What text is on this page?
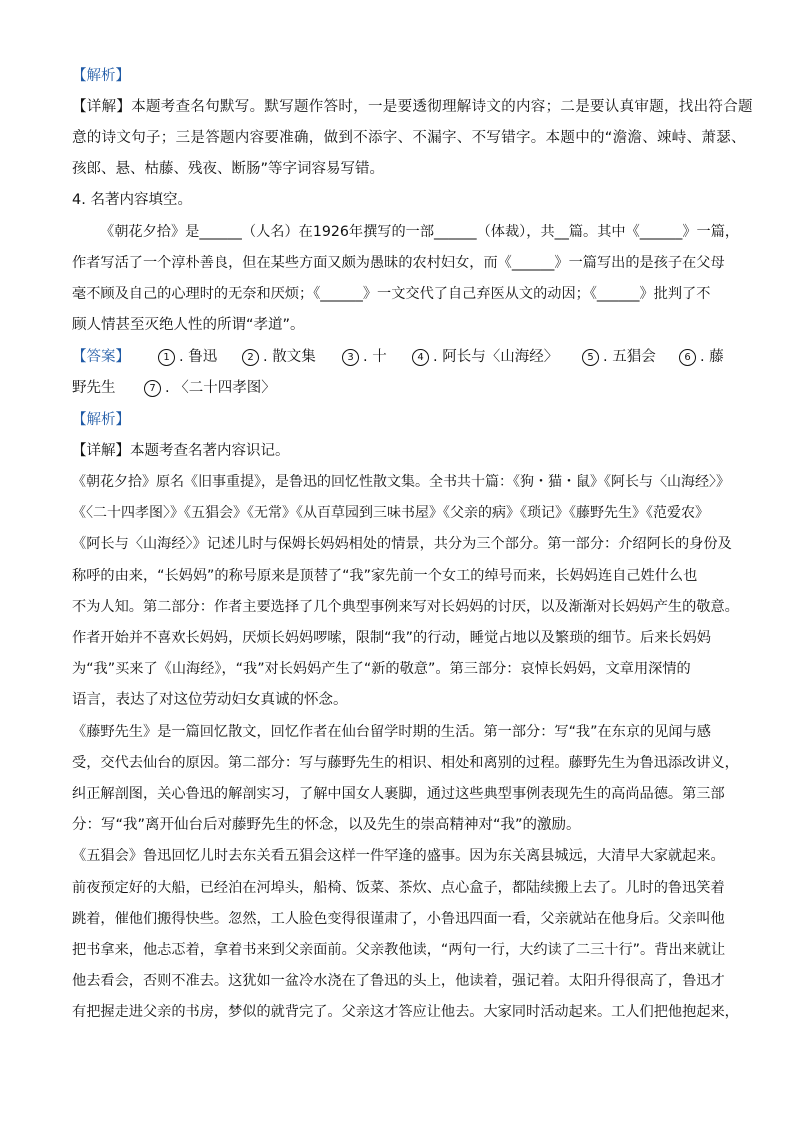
【解析】
【详解】本题考查名句默写。默写题作答时，一是要透彻理解诗文的内容；二是要认真审题，找出符合题
意的诗文句子；三是答题内容要准确，做到不添字、不漏字、不写错字。本题中的“澹澹、竦峙、萧瑟、
孩郎、悬、枯藤、残夜、断肠”等字词容易写错。
4. 名著内容填空。
《朝花夕拾》是______（人名）在1926年撰写的一部______（体裁），共__篇。其中《______》一篇，
作者写活了一个淳朴善良，但在某些方面又颇为愚昧的农村妇女，而《______》一篇写出的是孩子在父母
毫不顾及自己的心理时的无奈和厌烦；《______》一文交代了自己弃医从文的动因；《______》批判了不
顾人情甚至灭绝人性的所谓“孝道”。
【答案】	1 . 鲁迅	2 . 散文集	3 . 十	4 . 阿长与〈山海经〉	5 . 五猖会	6 . 藤
野先生	7 . 〈二十四孝图〉
【解析】
【详解】本题考查名著内容识记。
《朝花夕拾》原名《旧事重提》，是鲁迅的回忆性散文集。全书共十篇：《狗・猫・鼠》《阿长与〈山海经〉》
《〈二十四孝图〉》《五猖会》《无常》《从百草园到三味书屋》《父亲的病》《琐记》《藤野先生》《范爱农》
《阿长与〈山海经〉》记述儿时与保姆长妈妈相处的情景，共分为三个部分。第一部分：介绍阿长的身份及
称呼的由来，“长妈妈”的称号原来是顶替了“我”家先前一个女工的绰号而来，长妈妈连自己姓什么也
不为人知。第二部分：作者主要选择了几个典型事例来写对长妈妈的讨厌，以及渐渐对长妈妈产生的敬意。
作者开始并不喜欢长妈妈，厌烦长妈妈啰嗦，限制“我”的行动，睡觉占地以及繁琐的细节。后来长妈妈
为“我”买来了《山海经》，“我”对长妈妈产生了“新的敬意”。第三部分：哀悼长妈妈，文章用深情的
语言，表达了对这位劳动妇女真诚的怀念。
《藤野先生》是一篇回忆散文，回忆作者在仙台留学时期的生活。第一部分：写“我”在东京的见闻与感
受，交代去仙台的原因。第二部分：写与藤野先生的相识、相处和离别的过程。藤野先生为鲁迅添改讲义，
纠正解剖图，关心鲁迅的解剖实习，了解中国女人裹脚，通过这些典型事例表现先生的高尚品德。第三部
分：写“我”离开仙台后对藤野先生的怀念，以及先生的崇高精神对“我”的激励。
《五猖会》鲁迅回忆儿时去东关看五猖会这样一件罕逢的盛事。因为东关离县城远，大清早大家就起来。
前夜预定好的大船，已经泊在河埠头，船椅、饭菜、茶炊、点心盒子，都陆续搬上去了。儿时的鲁迅笑着
跳着，催他们搬得快些。忽然，工人脸色变得很谨肃了，小鲁迅四面一看，父亲就站在他身后。父亲叫他
把书拿来，他忐忑着，拿着书来到父亲面前。父亲教他读，“两句一行，大约读了二三十行”。背出来就让
他去看会，否则不准去。这犹如一盆冷水浇在了鲁迅的头上，他读着，强记着。太阳升得很高了，鲁迅才
有把握走进父亲的书房，梦似的就背完了。父亲这才答应让他去。大家同时活动起来。工人们把他抱起来，
